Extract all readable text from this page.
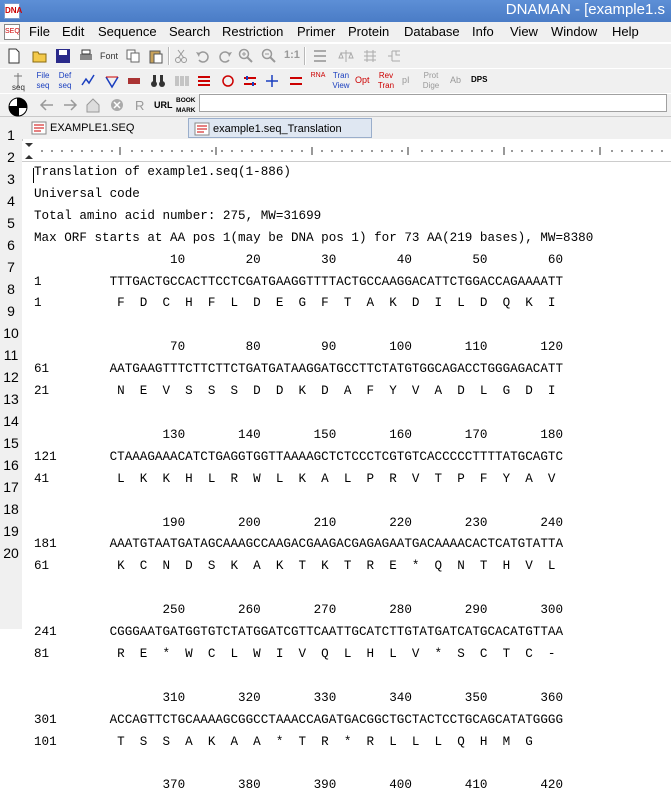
DNA	DNAMAN - [example1.s
SEQ File Edit Sequence Search Restriction Primer Protein Database Info View Window Help
Font	1:1
seq
File seq
Def seq
RNA Tran View
Opt Rev Tran
pI Prot Dige
Ab DPS
R URL BOOK MARK
1
2
3
4
5
6
7
8
9
10
11
12
13
14
15
16
17
18
19
20
EXAMPLE1.SEQ	example1.seq_Translation
Translation of example1.seq(1-886)
Universal code
Total amino acid number: 275, MW=31699
Max ORF starts at AA pos 1(may be DNA pos 1) for 73 AA(219 bases), MW=8380
10        20        30        40        50        60
1         TTTGACTGCCACTTCCTCGATGAAGGTTTTACTGCCAAGGACATTCTGGACCAGAAAATT
1          F  D  C  H  F  L  D  E  G  F  T  A  K  D  I  L  D  Q  K  I
70        80        90       100       110       120
61        AATGAAGTTTCTTCTTCTGATGATAAGGATGCCTTCTATGTGGCAGACCTGGGAGACATT
21         N  E  V  S  S  S  D  D  K  D  A  F  Y  V  A  D  L  G  D  I
130       140       150       160       170       180
121       CTAAAGAAACATCTGAGGTGGTTAAAAGCTCTCCCTCGTGTCACCCCCTTTTATGCAGTC
41         L  K  K  H  L  R  W  L  K  A  L  P  R  V  T  P  F  Y  A  V
190       200       210       220       230       240
181       AAATGTAATGATAGCAAAGCCAAGACGAAGACGAGAGAATGACAAAACACTCATGTATTA
61         K  C  N  D  S  K  A  K  T  K  T  R  E  *  Q  N  T  H  V  L
250       260       270       280       290       300
241       CGGGAATGATGGTGTCTATGGATCGTTCAATTGCATCTTGTATGATCATGCACATGTTAA
81         R  E  *  W  C  L  W  I  V  Q  L  H  L  V  *  S  C  T  C  -
310       320       330       340       350       360
301       ACCAGTTCTGCAAAAGCGGCCTAAACCAGATGACGGCTGCTACTCCTGCAGCATATGGGG
101        T  S  S  A  K  A  A  *  T  R  *  R  L  L  L  Q  H  M  G
370       380       390       400       410       420
